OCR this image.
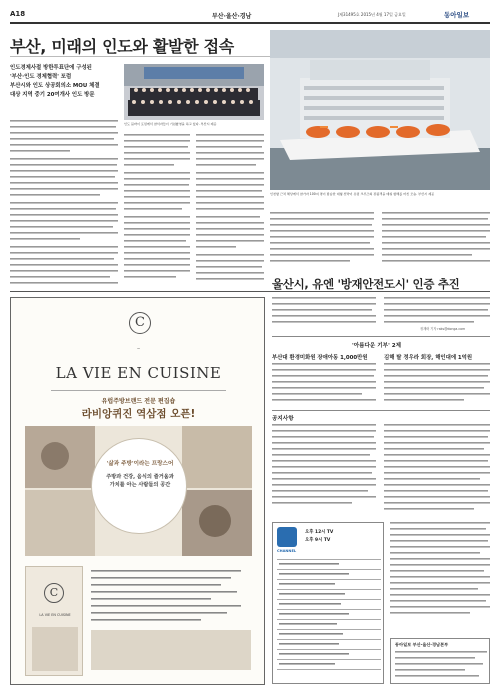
A18	부산·울산·경남	J제31495호 2015년 4월 17일 금요일	동아일보
부산, 미래의 인도와 활발한 접속
인도경제사절 방한투표단에 구성된
'부산·인도 경제협력' 포럼
부산시와 인도 상공회의소 MOU 체결
대상 지역 중기 20여개사 인도 방문
인도 뭄바이 포럼에서 참석자들이 기념촬영을 하고 있다. 부산시 제공
인천항 근처 해상에서 참가자 100여 명이 탑승한 대형 선박이 유럽 크루즈의 관광객을 태워 항해를 마친 모습. 부산시 제공
울산시, 유엔 '방재안전도시' 인증 추진
C
~
LA VIE EN CUISINE
유럽주방브랜드 전문 편집숍
라비앙퀴진 역삼점 오픈!
'삶과 주방'이라는 프랑스어
주방과 건강, 음식의 즐거움과
가치를 아는 사람들의 공간
C
LA VIE EN CUISINE
정재락 기자 raks@donga.com
'아름다운 기부' 2제
부산대 환경미화원 장애아동 1,000만원	김해 탈 정우라 회장, 해인대에 1억원
공지사항
CHANNEL
오후 12시 TV
오후 9시 TV
동아일보 부산·울산·경남본부
